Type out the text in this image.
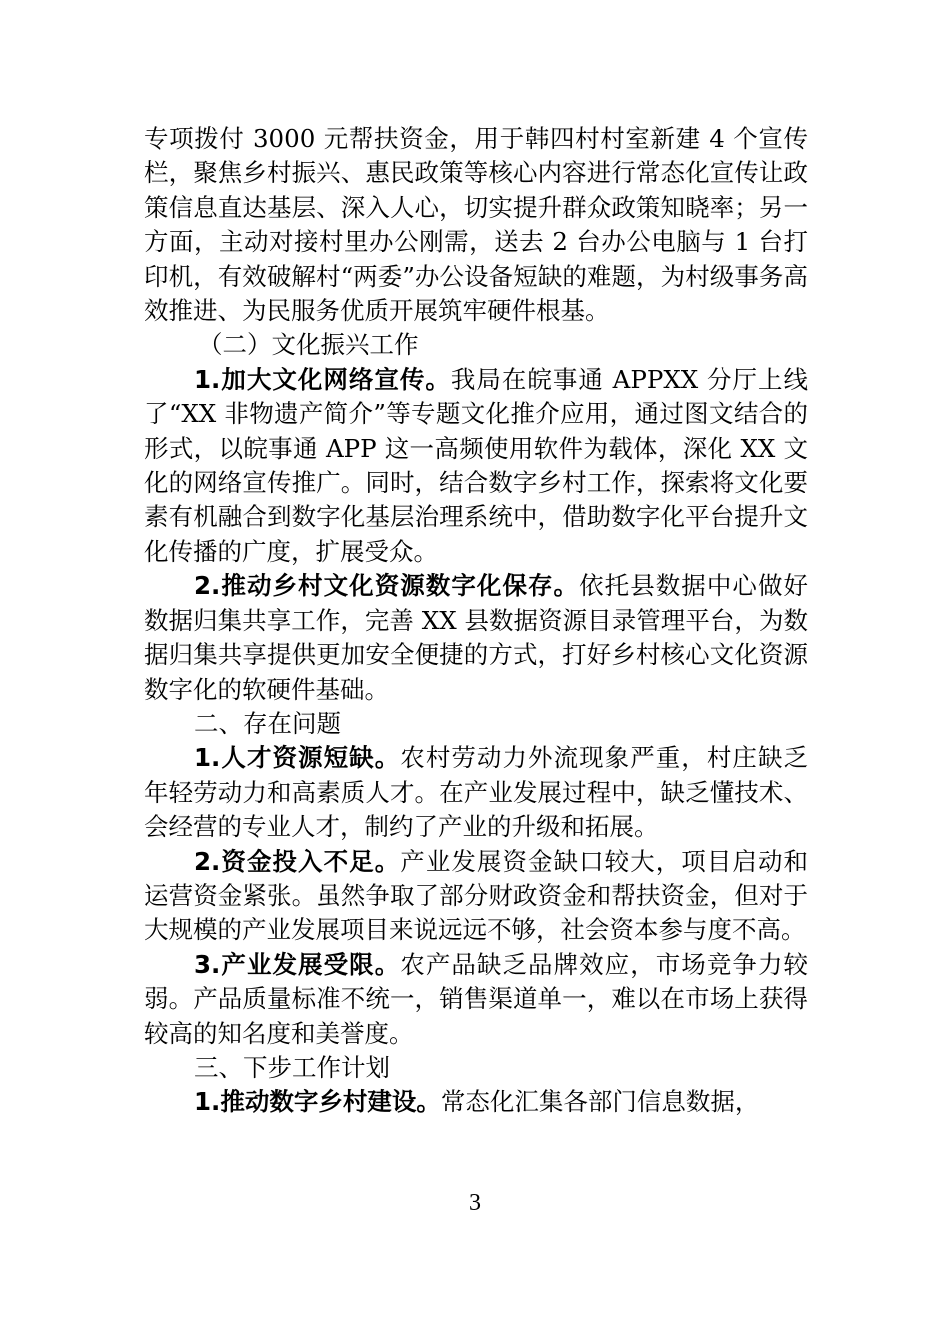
专项拨付 3000 元帮扶资金，用于韩四村村室新建 4 个宣传栏，聚焦乡村振兴、惠民政策等核心内容进行常态化宣传让政策信息直达基层、深入人心，切实提升群众政策知晓率；另一方面，主动对接村里办公刚需，送去 2 台办公电脑与 1 台打印机，有效破解村“两委”办公设备短缺的难题，为村级事务高效推进、为民服务优质开展筑牢硬件根基。

（二）文化振兴工作

1.加大文化网络宣传。我局在皖事通 APPXX 分厅上线了“XX 非物遗产简介”等专题文化推介应用，通过图文结合的形式，以皖事通 APP 这一高频使用软件为载体，深化 XX 文化的网络宣传推广。同时，结合数字乡村工作，探索将文化要素有机融合到数字化基层治理系统中，借助数字化平台提升文化传播的广度，扩展受众。

2.推动乡村文化资源数字化保存。依托县数据中心做好数据归集共享工作，完善 XX 县数据资源目录管理平台，为数据归集共享提供更加安全便捷的方式，打好乡村核心文化资源数字化的软硬件基础。

二、存在问题

1.人才资源短缺。农村劳动力外流现象严重，村庄缺乏年轻劳动力和高素质人才。在产业发展过程中，缺乏懂技术、会经营的专业人才，制约了产业的升级和拓展。

2.资金投入不足。产业发展资金缺口较大，项目启动和运营资金紧张。虽然争取了部分财政资金和帮扶资金，但对于大规模的产业发展项目来说远远不够，社会资本参与度不高。

3.产业发展受限。农产品缺乏品牌效应，市场竞争力较弱。产品质量标准不统一，销售渠道单一，难以在市场上获得较高的知名度和美誉度。

三、下步工作计划

1.推动数字乡村建设。常态化汇集各部门信息数据，

3
